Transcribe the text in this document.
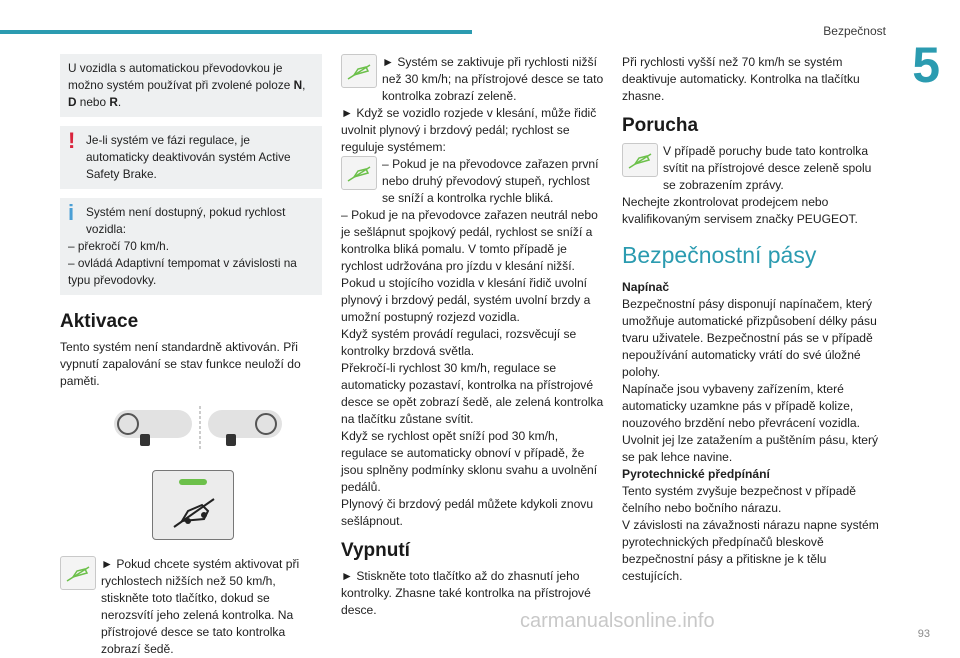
Bezpečnost
5

U vozidla s automatickou převodovkou je možno systém používat při zvolené poloze N, D nebo R.

! Je-li systém ve fázi regulace, je automaticky deaktivován systém Active Safety Brake.

i	Systém není dostupný, pokud rychlost vozidla:

– překročí 70 km/h.

– ovládá Adaptivní tempomat v závislosti na typu převodovky.

Aktivace

Tento systém není standardně aktivován. Při vypnutí zapalování se stav funkce neuloží do paměti.

► Pokud chcete systém aktivovat při rychlostech nižších než 50 km/h, stiskněte toto tlačítko, dokud se nerozsvítí jeho zelená kontrolka. Na přístrojové desce se tato kontrolka zobrazí šedě.

► Systém se zaktivuje při rychlosti nižší než 30 km/h; na přístrojové desce se tato kontrolka zobrazí zeleně.

► Když se vozidlo rozjede v klesání, může řidič uvolnit plynový i brzdový pedál; rychlost se reguluje systémem:

– Pokud je na převodovce zařazen první nebo druhý převodový stupeň, rychlost se sníží a kontrolka rychle bliká.

– Pokud je na převodovce zařazen neutrál nebo je sešlápnut spojkový pedál, rychlost se sníží a kontrolka bliká pomalu. V tomto případě je rychlost udržována pro jízdu v klesání nižší.

Pokud u stojícího vozidla v klesání řidič uvolní plynový i brzdový pedál, systém uvolní brzdy a umožní postupný rozjezd vozidla.

Když systém provádí regulaci, rozsvěcují se kontrolky brzdová světla.

Překročí-li rychlost 30 km/h, regulace se automaticky pozastaví, kontrolka na přístrojové desce se opět zobrazí šedě, ale zelená kontrolka na tlačítku zůstane svítit.

Když se rychlost opět sníží pod 30 km/h, regulace se automaticky obnoví v případě, že jsou splněny podmínky sklonu svahu a uvolnění pedálů.

Plynový či brzdový pedál můžete kdykoli znovu sešlápnout.

Vypnutí

► Stiskněte toto tlačítko až do zhasnutí jeho kontrolky. Zhasne také kontrolka na přístrojové desce.

Při rychlosti vyšší než 70 km/h se systém deaktivuje automaticky. Kontrolka na tlačítku zhasne.

Porucha

V případě poruchy bude tato kontrolka svítit na přístrojové desce zeleně spolu se zobrazením zprávy.

Nechejte zkontrolovat prodejcem nebo kvalifikovaným servisem značky PEUGEOT.

Bezpečnostní pásy

Napínač

Bezpečnostní pásy disponují napínačem, který umožňuje automatické přizpůsobení délky pásu tvaru uživatele. Bezpečnostní pás se v případě nepoužívání automaticky vrátí do své úložné polohy.

Napínače jsou vybaveny zařízením, které automaticky uzamkne pás v případě kolize, nouzového brzdění nebo převrácení vozidla. Uvolnit jej lze zatažením a puštěním pásu, který se pak lehce navine.

Pyrotechnické předpínání

Tento systém zvyšuje bezpečnost v případě čelního nebo bočního nárazu.

V závislosti na závažnosti nárazu napne systém pyrotechnických předpínačů bleskově bezpečnostní pásy a přitiskne je k tělu cestujících.

93
carmanualsonline.info
